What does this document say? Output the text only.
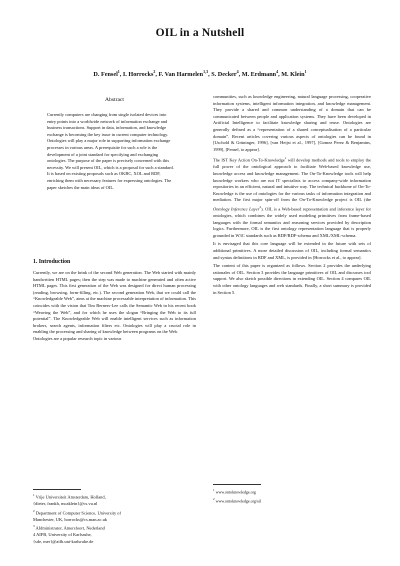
OIL in a Nutshell
D. Fensel$^1$, I. Horrocks$^2$, F. Van Harmelen$^{1,3}$, S. Decker$^4$, M. Erdmann$^4$, M. Klein$^1$
Abstract
Currently computers are changing from single isolated devices into entry points into a worldwide network of information exchange and business transactions. Support in data, information, and knowledge exchange is becoming the key issue in current computer technology. Ontologies will play a major role in supporting information exchange processes in various areas. A prerequisite for such a role is the development of a joint standard for specifying and exchanging ontologies. The purpose of the paper is precisely concerned with this necessity. We will present OIL, which is a proposal for such a standard. It is based on existing proposals such as OKBC, XOL and RDF, enriching them with necessary features for expressing ontologies. The paper sketches the main ideas of OIL.
1. Introduction

Currently, we are on the brink of the second Web generation. The Web started with mainly handwritten HTML pages; then the step was made to machine generated and often active HTML pages. This first generation of the Web was designed for direct human processing (reading, browsing, form-filling, etc.). The second generation Web, that we could call the “Knowledgeable Web”, aims at the machine processable interpretation of information. This coincides with the vision that Tim Berners-Lee calls the Semantic Web in his recent book “Weaving the Web”, and for which he uses the slogan “Bringing the Web to its full potential”. The Knowledgeable Web will enable intelligent services such as information brokers, search agents, information filters etc. Ontologies will play a crucial role in enabling the processing and sharing of knowledge between programs on the Web.

Ontologies are a popular research topic in various

$^1$ Vrije Universiteit Amsterdam, Holland,
{dieter, frankh, mcaklein}@cs.vu.nl
$^2$ Department of Computer Science, University of
Manchester, UK, horrocks@cs.man.ac.uk
$^3$ AIdministrator, Amersfoort, Nederland
4 AIFB, University of Karlsruhe,
{sde, mer}@aifb.uni-karlsruhe.de

communities, such as knowledge engineering, natural language processing, cooperative information systems, intelligent information integration, and knowledge management. They provide a shared and common understanding of a domain that can be communicated between people and application systems. They have been developed in Artificial Intelligence to facilitate knowledge sharing and reuse. Ontologies are generally defined as a “representation of a shared conceptualisation of a particular domain”. Recent articles covering various aspects of ontologies can be found in [Uschold & Grüninger, 1996], [van Heijst et al., 1997], [Gomez Perez & Benjamins, 1999], [Fensel, to appear].

The IST Key Action On-To-Knowledge$^1$ will develop methods and tools to employ the full power of the ontological approach to facilitate Web-based knowledge use, knowledge access and knowledge management. The On-To-Knowledge tools will help knowledge workers who are not IT specialists to access company-wide information repositories in an efficient, natural and intuitive way. The technical backbone of On-To-Knowledge is the use of ontologies for the various tasks of information integration and mediation. The first major spin-off from the On-To-Knowledge project is OIL (the Ontology Inference Layer$^2$). OIL is a Web-based representation and inference layer for ontologies, which combines the widely used modeling primitives from frame-based languages with the formal semantics and reasoning services provided by description logics. Furthermore, OIL is the first ontology representation language that is properly grounded in W3C standards such as RDF/RDF-schema and XML/XML-schema.

It is envisaged that this core language will be extended in the future with sets of additional primitives. A more detailed discussion of OIL, including formal semantics and syntax definitions in RDF and XML, is provided in [Horrocks et al., to appear].

The content of this paper is organized as follows. Section 2 provides the underlying rationales of OIL. Section 3 provides the language primitives of OIL and discusses tool support. We also sketch possible directions in extending OIL. Section 4 compares OIL with other ontology languages and web standards. Finally, a short summary is provided in Section 5.

$^1$ www.ontoknowledge.org
$^2$ www.ontoknowledge.org/oil
